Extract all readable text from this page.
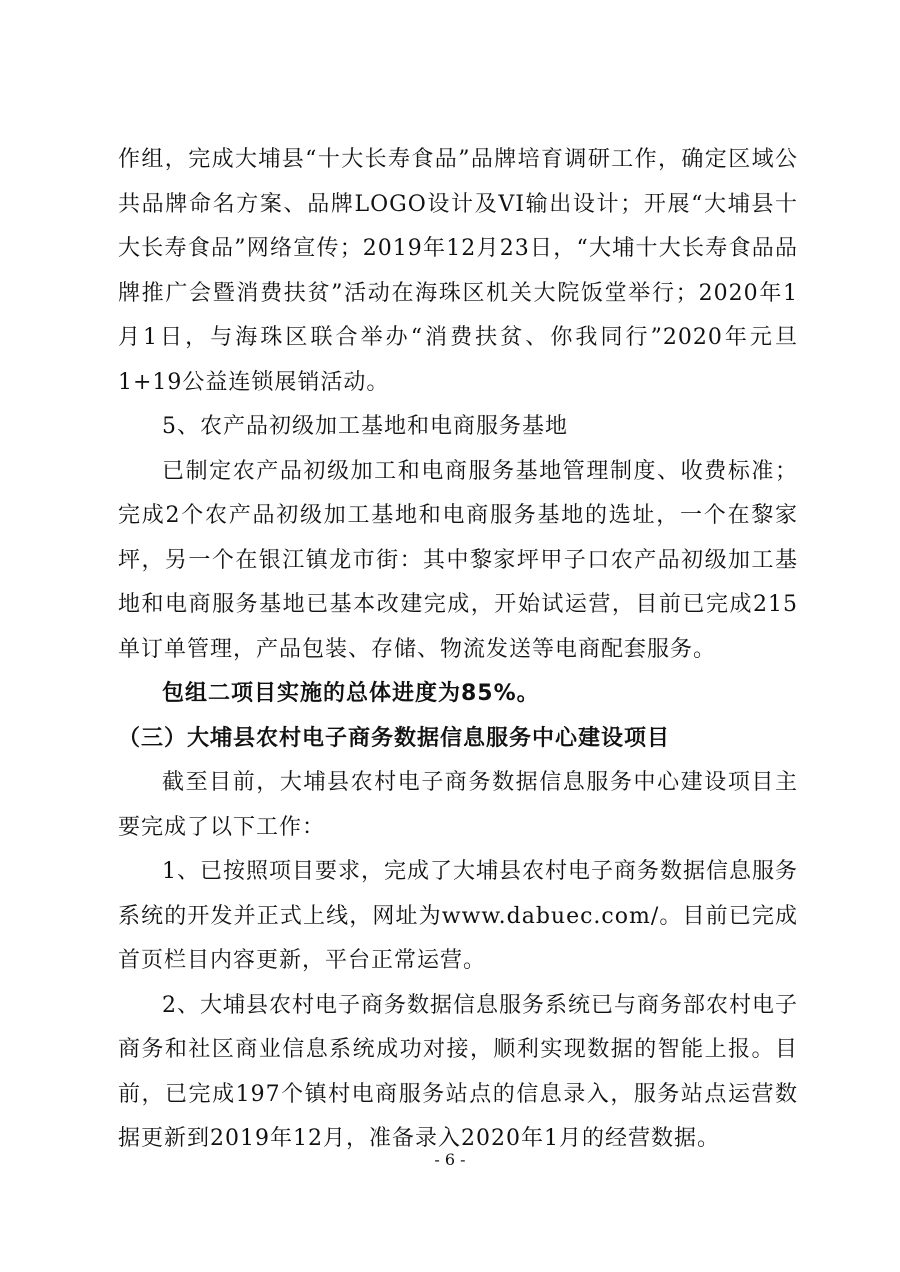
作组，完成大埔县“十大长寿食品”品牌培育调研工作，确定区域公共品牌命名方案、品牌LOGO设计及VI输出设计；开展“大埔县十大长寿食品”网络宣传；2019年12月23日，“大埔十大长寿食品品牌推广会暨消费扶贫”活动在海珠区机关大院饭堂举行；2020年1月1日，与海珠区联合举办“消费扶贫、你我同行”2020年元旦1+19公益连锁展销活动。

5、农产品初级加工基地和电商服务基地

已制定农产品初级加工和电商服务基地管理制度、收费标准；完成2个农产品初级加工基地和电商服务基地的选址，一个在黎家坪，另一个在银江镇龙市街：其中黎家坪甲子口农产品初级加工基地和电商服务基地已基本改建完成，开始试运营，目前已完成215单订单管理，产品包装、存储、物流发送等电商配套服务。

包组二项目实施的总体进度为85%。

（三）大埔县农村电子商务数据信息服务中心建设项目

截至目前，大埔县农村电子商务数据信息服务中心建设项目主要完成了以下工作：

1、已按照项目要求，完成了大埔县农村电子商务数据信息服务系统的开发并正式上线，网址为www.dabuec.com/。目前已完成首页栏目内容更新，平台正常运营。

2、大埔县农村电子商务数据信息服务系统已与商务部农村电子商务和社区商业信息系统成功对接，顺利实现数据的智能上报。目前，已完成197个镇村电商服务站点的信息录入，服务站点运营数据更新到2019年12月，准备录入2020年1月的经营数据。

- 6 -
